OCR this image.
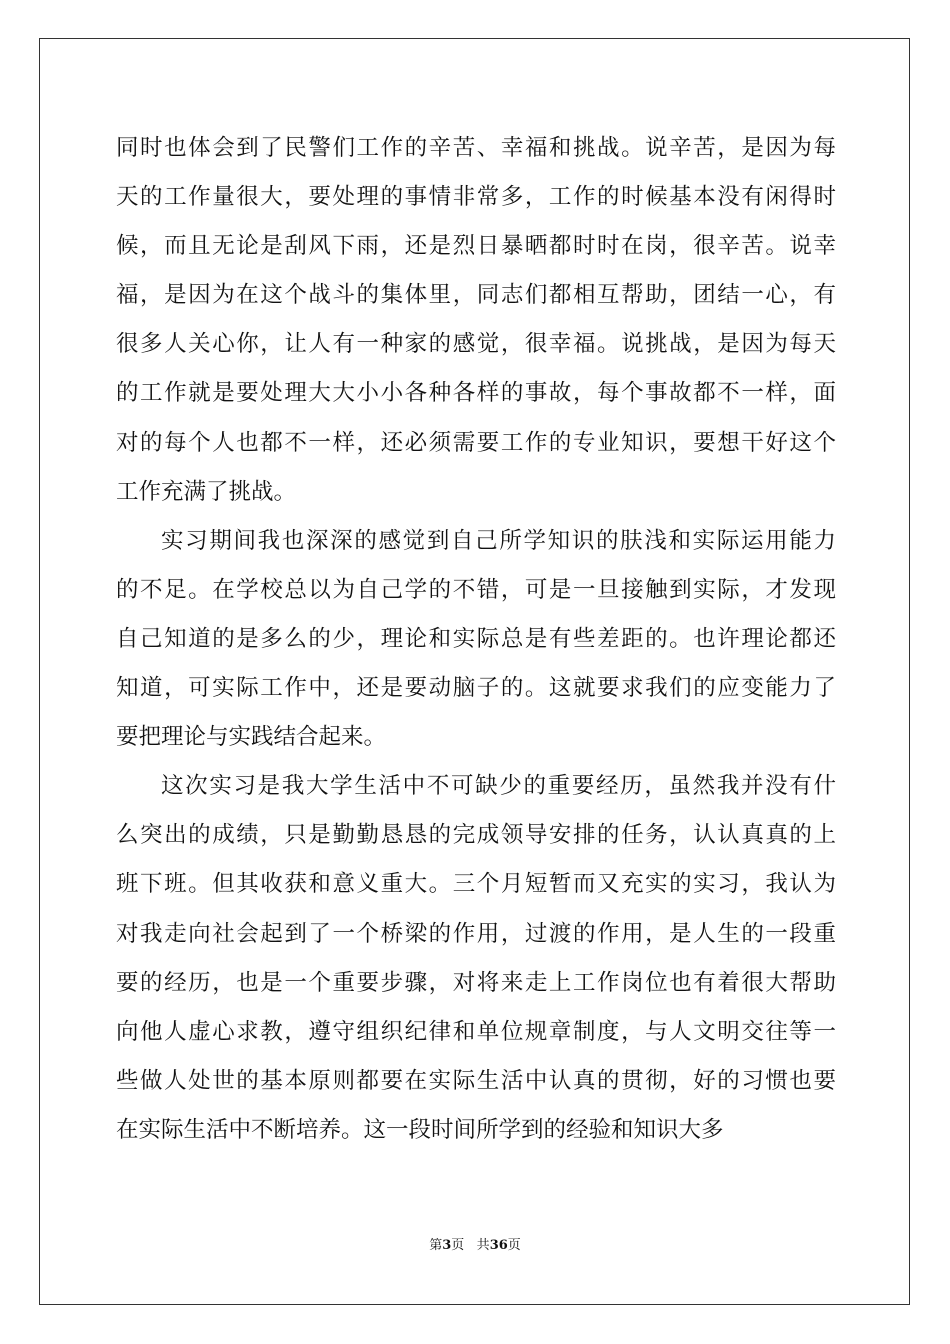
同时也体会到了民警们工作的辛苦、幸福和挑战。说辛苦，是因为每
天的工作量很大，要处理的事情非常多，工作的时候基本没有闲得时
候，而且无论是刮风下雨，还是烈日暴晒都时时在岗，很辛苦。说幸
福，是因为在这个战斗的集体里，同志们都相互帮助，团结一心，有
很多人关心你，让人有一种家的感觉，很幸福。说挑战，是因为每天
的工作就是要处理大大小小各种各样的事故，每个事故都不一样，面
对的每个人也都不一样，还必须需要工作的专业知识，要想干好这个
工作充满了挑战。
实习期间我也深深的感觉到自己所学知识的肤浅和实际运用能力
的不足。在学校总以为自己学的不错，可是一旦接触到实际，才发现
自己知道的是多么的少，理论和实际总是有些差距的。也许理论都还
知道，可实际工作中，还是要动脑子的。这就要求我们的应变能力了
要把理论与实践结合起来。
这次实习是我大学生活中不可缺少的重要经历，虽然我并没有什
么突出的成绩，只是勤勤恳恳的完成领导安排的任务，认认真真的上
班下班。但其收获和意义重大。三个月短暂而又充实的实习，我认为
对我走向社会起到了一个桥梁的作用，过渡的作用，是人生的一段重
要的经历，也是一个重要步骤，对将来走上工作岗位也有着很大帮助
向他人虚心求教，遵守组织纪律和单位规章制度，与人文明交往等一
些做人处世的基本原则都要在实际生活中认真的贯彻，好的习惯也要
在实际生活中不断培养。这一段时间所学到的经验和知识大多
第3页 共36页
